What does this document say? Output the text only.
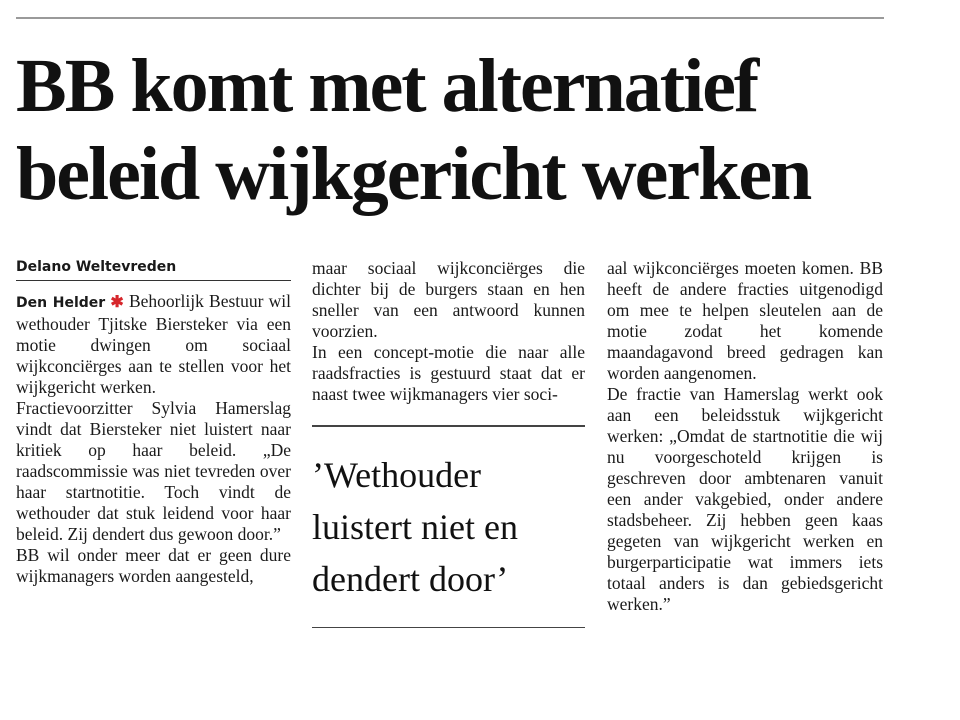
BB komt met alternatief
beleid wijkgericht werken

Delano Weltevreden

Den Helder ✱ Behoorlijk Bestuur wil wethouder Tjitske Biersteker via een motie dwingen om sociaal wijkconciërges aan te stellen voor het wijkgericht werken.

Fractievoorzitter Sylvia Hamerslag vindt dat Biersteker niet luistert naar kritiek op haar beleid. „De raadscommissie was niet tevreden over haar startnotitie. Toch vindt de wethouder dat stuk leidend voor haar beleid. Zij dendert dus gewoon door.”

BB wil onder meer dat er geen dure wijkmanagers worden aangesteld,

maar sociaal wijkconciërges die dichter bij de burgers staan en hen sneller van een antwoord kunnen voorzien.

In een concept-motie die naar alle raadsfracties is gestuurd staat dat er naast twee wijkmanagers vier soci-

’Wethouder
luistert niet en
dendert door’

aal wijkconciërges moeten komen. BB heeft de andere fracties uitgenodigd om mee te helpen sleutelen aan de motie zodat het komende maandagavond breed gedragen kan worden aangenomen.

De fractie van Hamerslag werkt ook aan een beleidsstuk wijkgericht werken: „Omdat de startnotitie die wij nu voorgeschoteld krijgen is geschreven door ambtenaren vanuit een ander vakgebied, onder andere stadsbeheer. Zij hebben geen kaas gegeten van wijkgericht werken en burgerparticipatie wat immers iets totaal anders is dan gebiedsgericht werken.”
